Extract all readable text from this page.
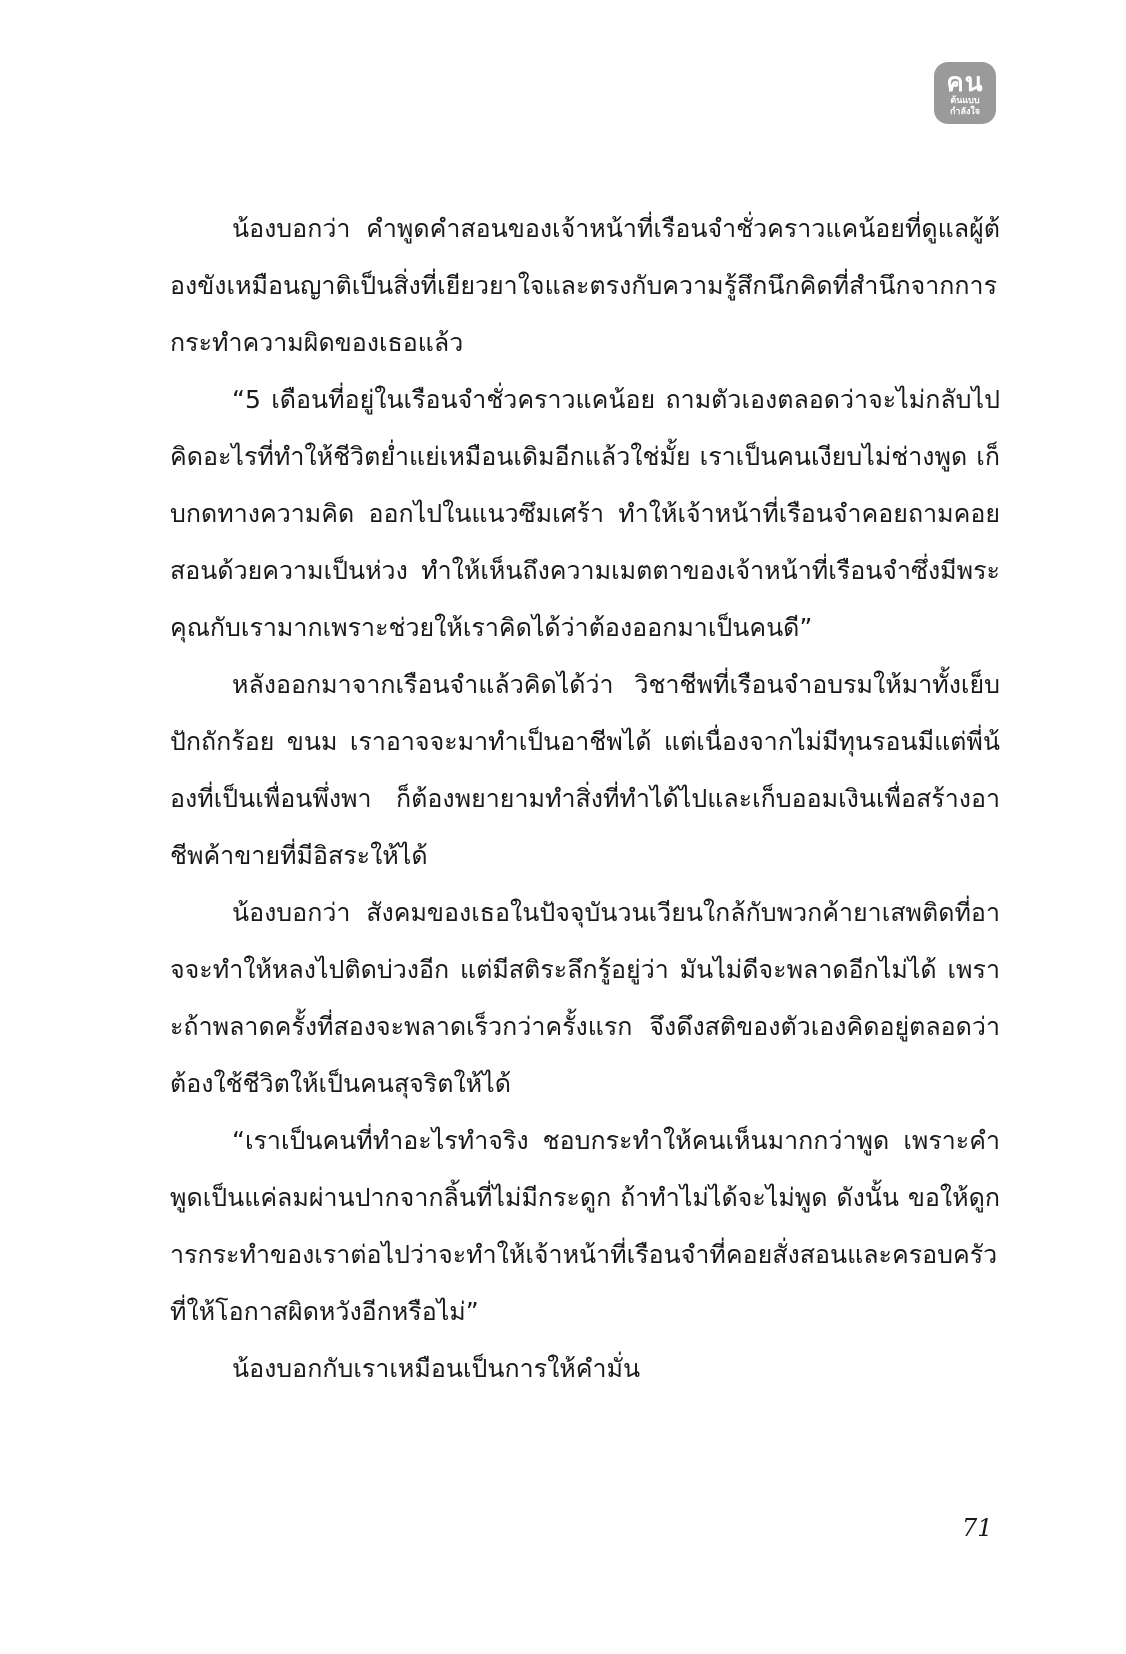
คน
ต้นแบบ
กำลังใจ

น้องบอกว่า คำพูดคำสอนของเจ้าหน้าที่เรือนจำชั่วคราวแคน้อยที่ดูแลผู้ต้องขังเหมือนญาติเป็นสิ่งที่เยียวยาใจและตรงกับความรู้สึกนึกคิดที่สำนึกจากการกระทำความผิดของเธอแล้ว

“5 เดือนที่อยู่ในเรือนจำชั่วคราวแคน้อย ถามตัวเองตลอดว่าจะไม่กลับไปคิดอะไรที่ทำให้ชีวิตย่ำแย่เหมือนเดิมอีกแล้วใช่มั้ย เราเป็นคนเงียบไม่ช่างพูด เก็บกดทางความคิด ออกไปในแนวซึมเศร้า ทำให้เจ้าหน้าที่เรือนจำคอยถามคอยสอนด้วยความเป็นห่วง ทำให้เห็นถึงความเมตตาของเจ้าหน้าที่เรือนจำซึ่งมีพระคุณกับเรามากเพราะช่วยให้เราคิดได้ว่าต้องออกมาเป็นคนดี”

หลังออกมาจากเรือนจำแล้วคิดได้ว่า วิชาชีพที่เรือนจำอบรมให้มาทั้งเย็บปักถักร้อย ขนม เราอาจจะมาทำเป็นอาชีพได้ แต่เนื่องจากไม่มีทุนรอนมีแต่พี่น้องที่เป็นเพื่อนพึ่งพา ก็ต้องพยายามทำสิ่งที่ทำได้ไปและเก็บออมเงินเพื่อสร้างอาชีพค้าขายที่มีอิสระให้ได้

น้องบอกว่า สังคมของเธอในปัจจุบันวนเวียนใกล้กับพวกค้ายาเสพติดที่อาจจะทำให้หลงไปติดบ่วงอีก แต่มีสติระลึกรู้อยู่ว่า มันไม่ดีจะพลาดอีกไม่ได้ เพราะถ้าพลาดครั้งที่สองจะพลาดเร็วกว่าครั้งแรก จึงดึงสติของตัวเองคิดอยู่ตลอดว่า ต้องใช้ชีวิตให้เป็นคนสุจริตให้ได้

“เราเป็นคนที่ทำอะไรทำจริง ชอบกระทำให้คนเห็นมากกว่าพูด เพราะคำพูดเป็นแค่ลมผ่านปากจากลิ้นที่ไม่มีกระดูก ถ้าทำไม่ได้จะไม่พูด ดังนั้น ขอให้ดูการกระทำของเราต่อไปว่าจะทำให้เจ้าหน้าที่เรือนจำที่คอยสั่งสอนและครอบครัวที่ให้โอกาสผิดหวังอีกหรือไม่”

น้องบอกกับเราเหมือนเป็นการให้คำมั่น

71
